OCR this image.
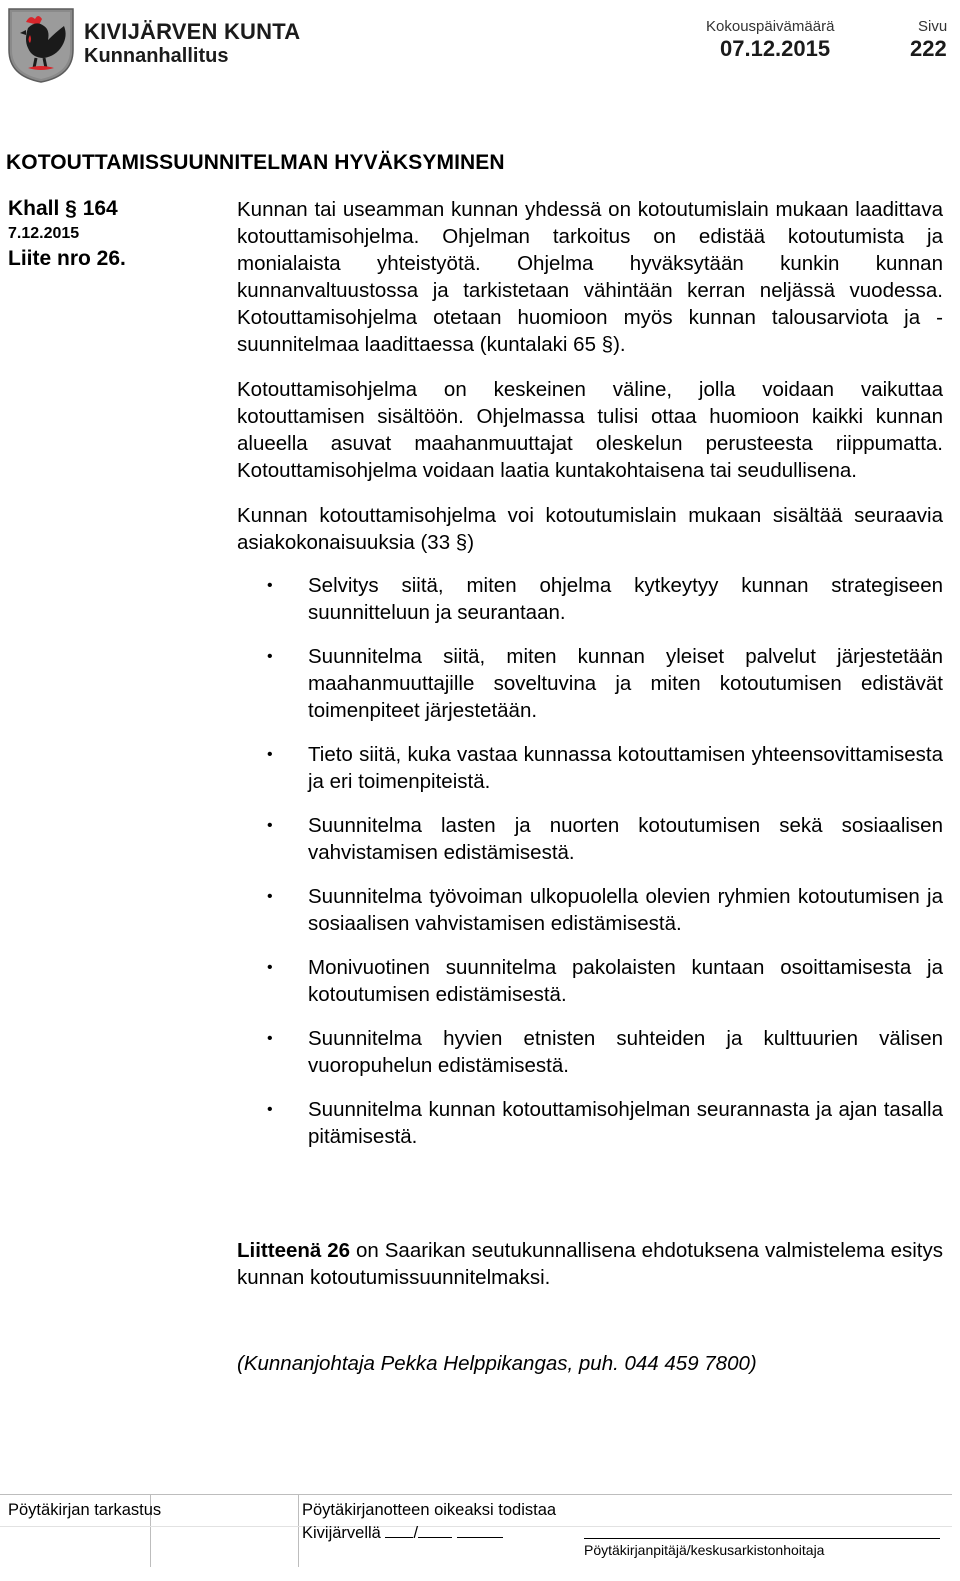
KIVIJÄRVEN KUNTA
Kunnanhallitus
Kokouspäivämäärä
07.12.2015
Sivu
222
KOTOUTTAMISSUUNNITELMAN HYVÄKSYMINEN
Khall § 164
7.12.2015
Liite nro 26.

Kunnan tai useamman kunnan yhdessä on kotoutumislain mukaan laadittava kotouttamisohjelma. Ohjelman tarkoitus on edistää kotoutumista ja monialaista yhteistyötä. Ohjelma hyväksytään kunkin kunnan kunnanvaltuustossa ja tarkistetaan vähintään kerran neljässä vuodessa. Kotouttamisohjelma otetaan huomioon myös kunnan talousarviota ja -suunnitelmaa laadittaessa (kuntalaki 65 §).

Kotouttamisohjelma on keskeinen väline, jolla voidaan vaikuttaa kotouttamisen sisältöön. Ohjelmassa tulisi ottaa huomioon kaikki kunnan alueella asuvat maahanmuuttajat oleskelun perusteesta riippumatta. Kotouttamisohjelma voidaan laatia kuntakohtaisena tai seudullisena.

Kunnan kotouttamisohjelma voi kotoutumislain mukaan sisältää seuraavia asiakokonaisuuksia (33 §)

• Selvitys siitä, miten ohjelma kytkeytyy kunnan strategiseen suunnitteluun ja seurantaan.
• Suunnitelma siitä, miten kunnan yleiset palvelut järjestetään maahanmuuttajille soveltuvina ja miten kotoutumisen edistävät toimenpiteet järjestetään.
• Tieto siitä, kuka vastaa kunnassa kotouttamisen yhteensovittamisesta ja eri toimenpiteistä.
• Suunnitelma lasten ja nuorten kotoutumisen sekä sosiaalisen vahvistamisen edistämisestä.
• Suunnitelma työvoiman ulkopuolella olevien ryhmien kotoutumisen ja sosiaalisen vahvistamisen edistämisestä.
• Monivuotinen suunnitelma pakolaisten kuntaan osoittamisesta ja kotoutumisen edistämisestä.
• Suunnitelma hyvien etnisten suhteiden ja kulttuurien välisen vuoropuhelun edistämisestä.
• Suunnitelma kunnan kotouttamisohjelman seurannasta ja ajan tasalla pitämisestä.
Liitteenä 26 on Saarikan seutukunnallisena ehdotuksena valmistelema esitys kunnan kotoutumissuunnitelmaksi.
(Kunnanjohtaja Pekka Helppikangas, puh. 044 459 7800)
Pöytäkirjan tarkastus	Pöytäkirjanotteen oikeaksi todistaa
Kivijärvellä /
Pöytäkirjanpitäjä/keskusarkistonhoitaja
